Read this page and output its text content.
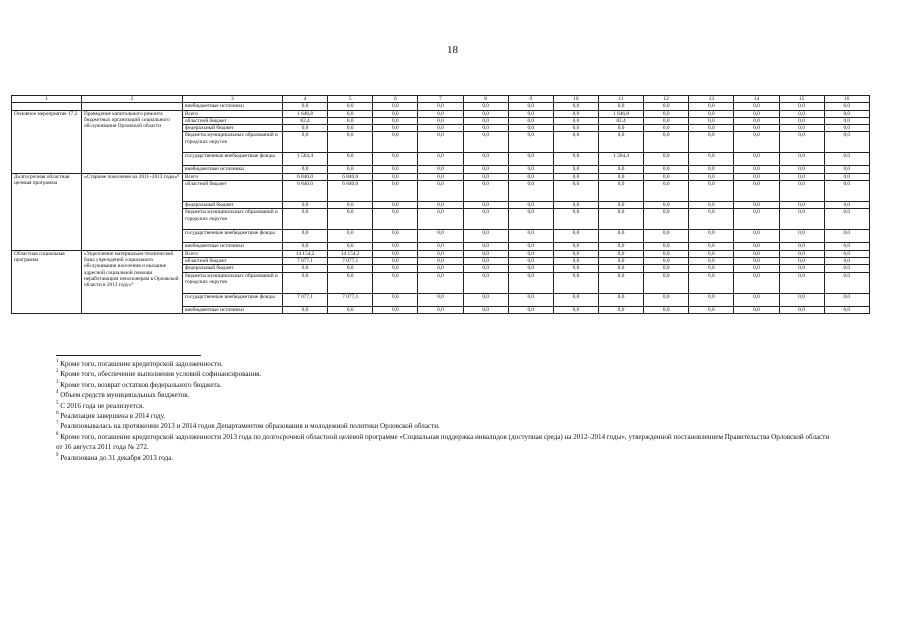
18
1	2	3	4	5	6	7	8	9	10	11	12	13	14	15	16
		внебюджетные источники	0,0	0,0	0,0	0,0	0,0	0,0	0,0	0,0	0,0	0,0	0,0	0,0	0,0
Основное мероприятие 17.2	Проведение капитального ремонта бюджетных организаций социального обслуживания Орловской области	Всего	1 646,8	0,0	0,0	0,0	0,0	0,0	0,0	1 646,8	0,0	0,0	0,0	0,0	0,0
		областной бюджет	82,4	0,0	0,0	0,0	0,0	0,0	0,0	82,4	0,0	0,0	0,0	0,0	0,0
		федеральный бюджет	0,0	0,0	0,0	0,0	0,0	0,0	0,0	0,0	0,0	0,0	0,0	0,0	0,0
		бюджеты муниципальных образований и городских округов	0,0	0,0	0,0	0,0	0,0	0,0	0,0	0,0	0,0	0,0	0,0	0,0	0,0
		государственные внебюджетные фонды	1 564,4	0,0	0,0	0,0	0,0	0,0	0,0	1 564,4	0,0	0,0	0,0	0,0	0,0
		внебюджетные источники	0,0	0,0	0,0	0,0	0,0	0,0	0,0	0,0	0,0	0,0	0,0	0,0	0,0
Долгосрочная областная целевая программа	«Старшее поколение на 2011–2013 годы»⁸	Всего	6 840,0	6 840,0	0,0	0,0	0,0	0,0	0,0	0,0	0,0	0,0	0,0	0,0	0,0
		областной бюджет	6 840,0	6 840,0	0,0	0,0	0,0	0,0	0,0	0,0	0,0	0,0	0,0	0,0	0,0
		федеральный бюджет	0,0	0,0	0,0	0,0	0,0	0,0	0,0	0,0	0,0	0,0	0,0	0,0	0,0
		бюджеты муниципальных образований и городских округов	0,0	0,0	0,0	0,0	0,0	0,0	0,0	0,0	0,0	0,0	0,0	0,0	0,0
		государственные внебюджетные фонды	0,0	0,0	0,0	0,0	0,0	0,0	0,0	0,0	0,0	0,0	0,0	0,0	0,0
		внебюджетные источники	0,0	0,0	0,0	0,0	0,0	0,0	0,0	0,0	0,0	0,0	0,0	0,0	0,0
Областная социальная программа	«Укрепление материально-технической базы учреждений социального обслуживания населения и оказание адресной социальной помощи неработающим пенсионерам в Орловской области в 2013 году»⁹	Всего	14 154,2	14 154,2	0,0	0,0	0,0	0,0	0,0	0,0	0,0	0,0	0,0	0,0	0,0
		областной бюджет	7 077,1	7 077,1	0,0	0,0	0,0	0,0	0,0	0,0	0,0	0,0	0,0	0,0	0,0
		федеральный бюджет	0,0	0,0	0,0	0,0	0,0	0,0	0,0	0,0	0,0	0,0	0,0	0,0	0,0
		бюджеты муниципальных образований и городских округов	0,0	0,0	0,0	0,0	0,0	0,0	0,0	0,0	0,0	0,0	0,0	0,0	0,0
		государственные внебюджетные фонды	7 077,1	7 077,1	0,0	0,0	0,0	0,0	0,0	0,0	0,0	0,0	0,0	0,0	0,0
		внебюджетные источники	0,0	0,0	0,0	0,0	0,0	0,0	0,0	0,0	0,0	0,0	0,0	0,0	0,0
$^1$ Кроме того, погашение кредиторской задолженности.
$^2$ Кроме того, обеспечение выполнения условий софинансирования.
$^3$ Кроме того, возврат остатков федерального бюджета.
$^4$ Объем средств муниципальных бюджетов.
$^5$ С 2016 года не реализуется.
$^6$ Реализация завершена в 2014 году.
$^7$ Реализовывалась на протяжении 2013 и 2014 годов Департаментом образования и молодежной политики Орловской области.
$^8$ Кроме того, погашение кредиторской задолженности 2013 года по долгосрочной областной целевой программе «Социальная поддержка инвалидов (доступная среда) на 2012–2014 годы», утвержденной постановлением Правительства Орловской области от 16 августа 2011 года № 272.
$^9$ Реализована до 31 декабря 2013 года.
